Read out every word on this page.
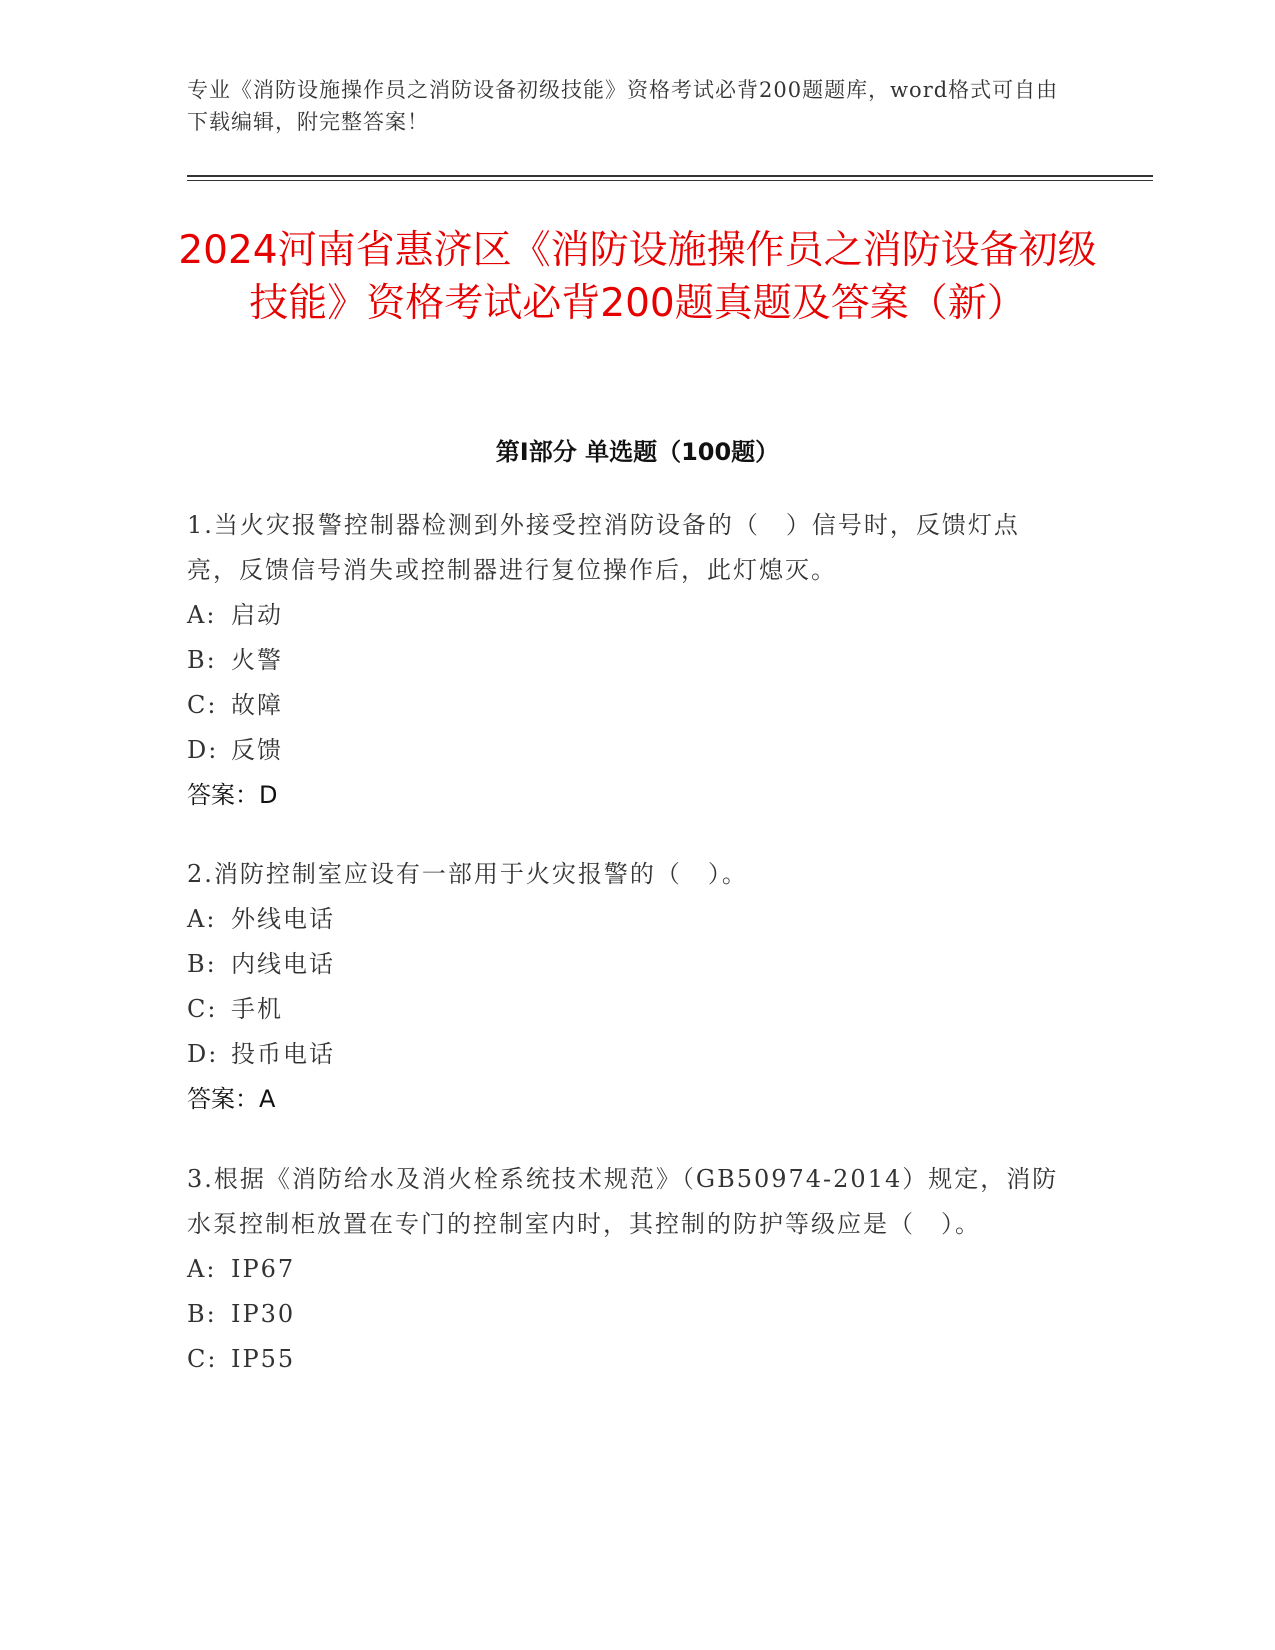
专业《消防设施操作员之消防设备初级技能》资格考试必背200题题库，word格式可自由下载编辑，附完整答案！
2024河南省惠济区《消防设施操作员之消防设备初级技能》资格考试必背200题真题及答案（新）
第Ⅰ部分 单选题（100题）

1.当火灾报警控制器检测到外接受控消防设备的（　）信号时，反馈灯点亮，反馈信号消失或控制器进行复位操作后，此灯熄灭。

A: 启动

B: 火警

C: 故障

D: 反馈

答案：D

2.消防控制室应设有一部用于火灾报警的（　）。

A: 外线电话

B: 内线电话

C: 手机

D: 投币电话

答案：A

3.根据《消防给水及消火栓系统技术规范》（GB50974-2014）规定，消防水泵控制柜放置在专门的控制室内时，其控制的防护等级应是（　）。

A: IP67

B: IP30

C: IP55
